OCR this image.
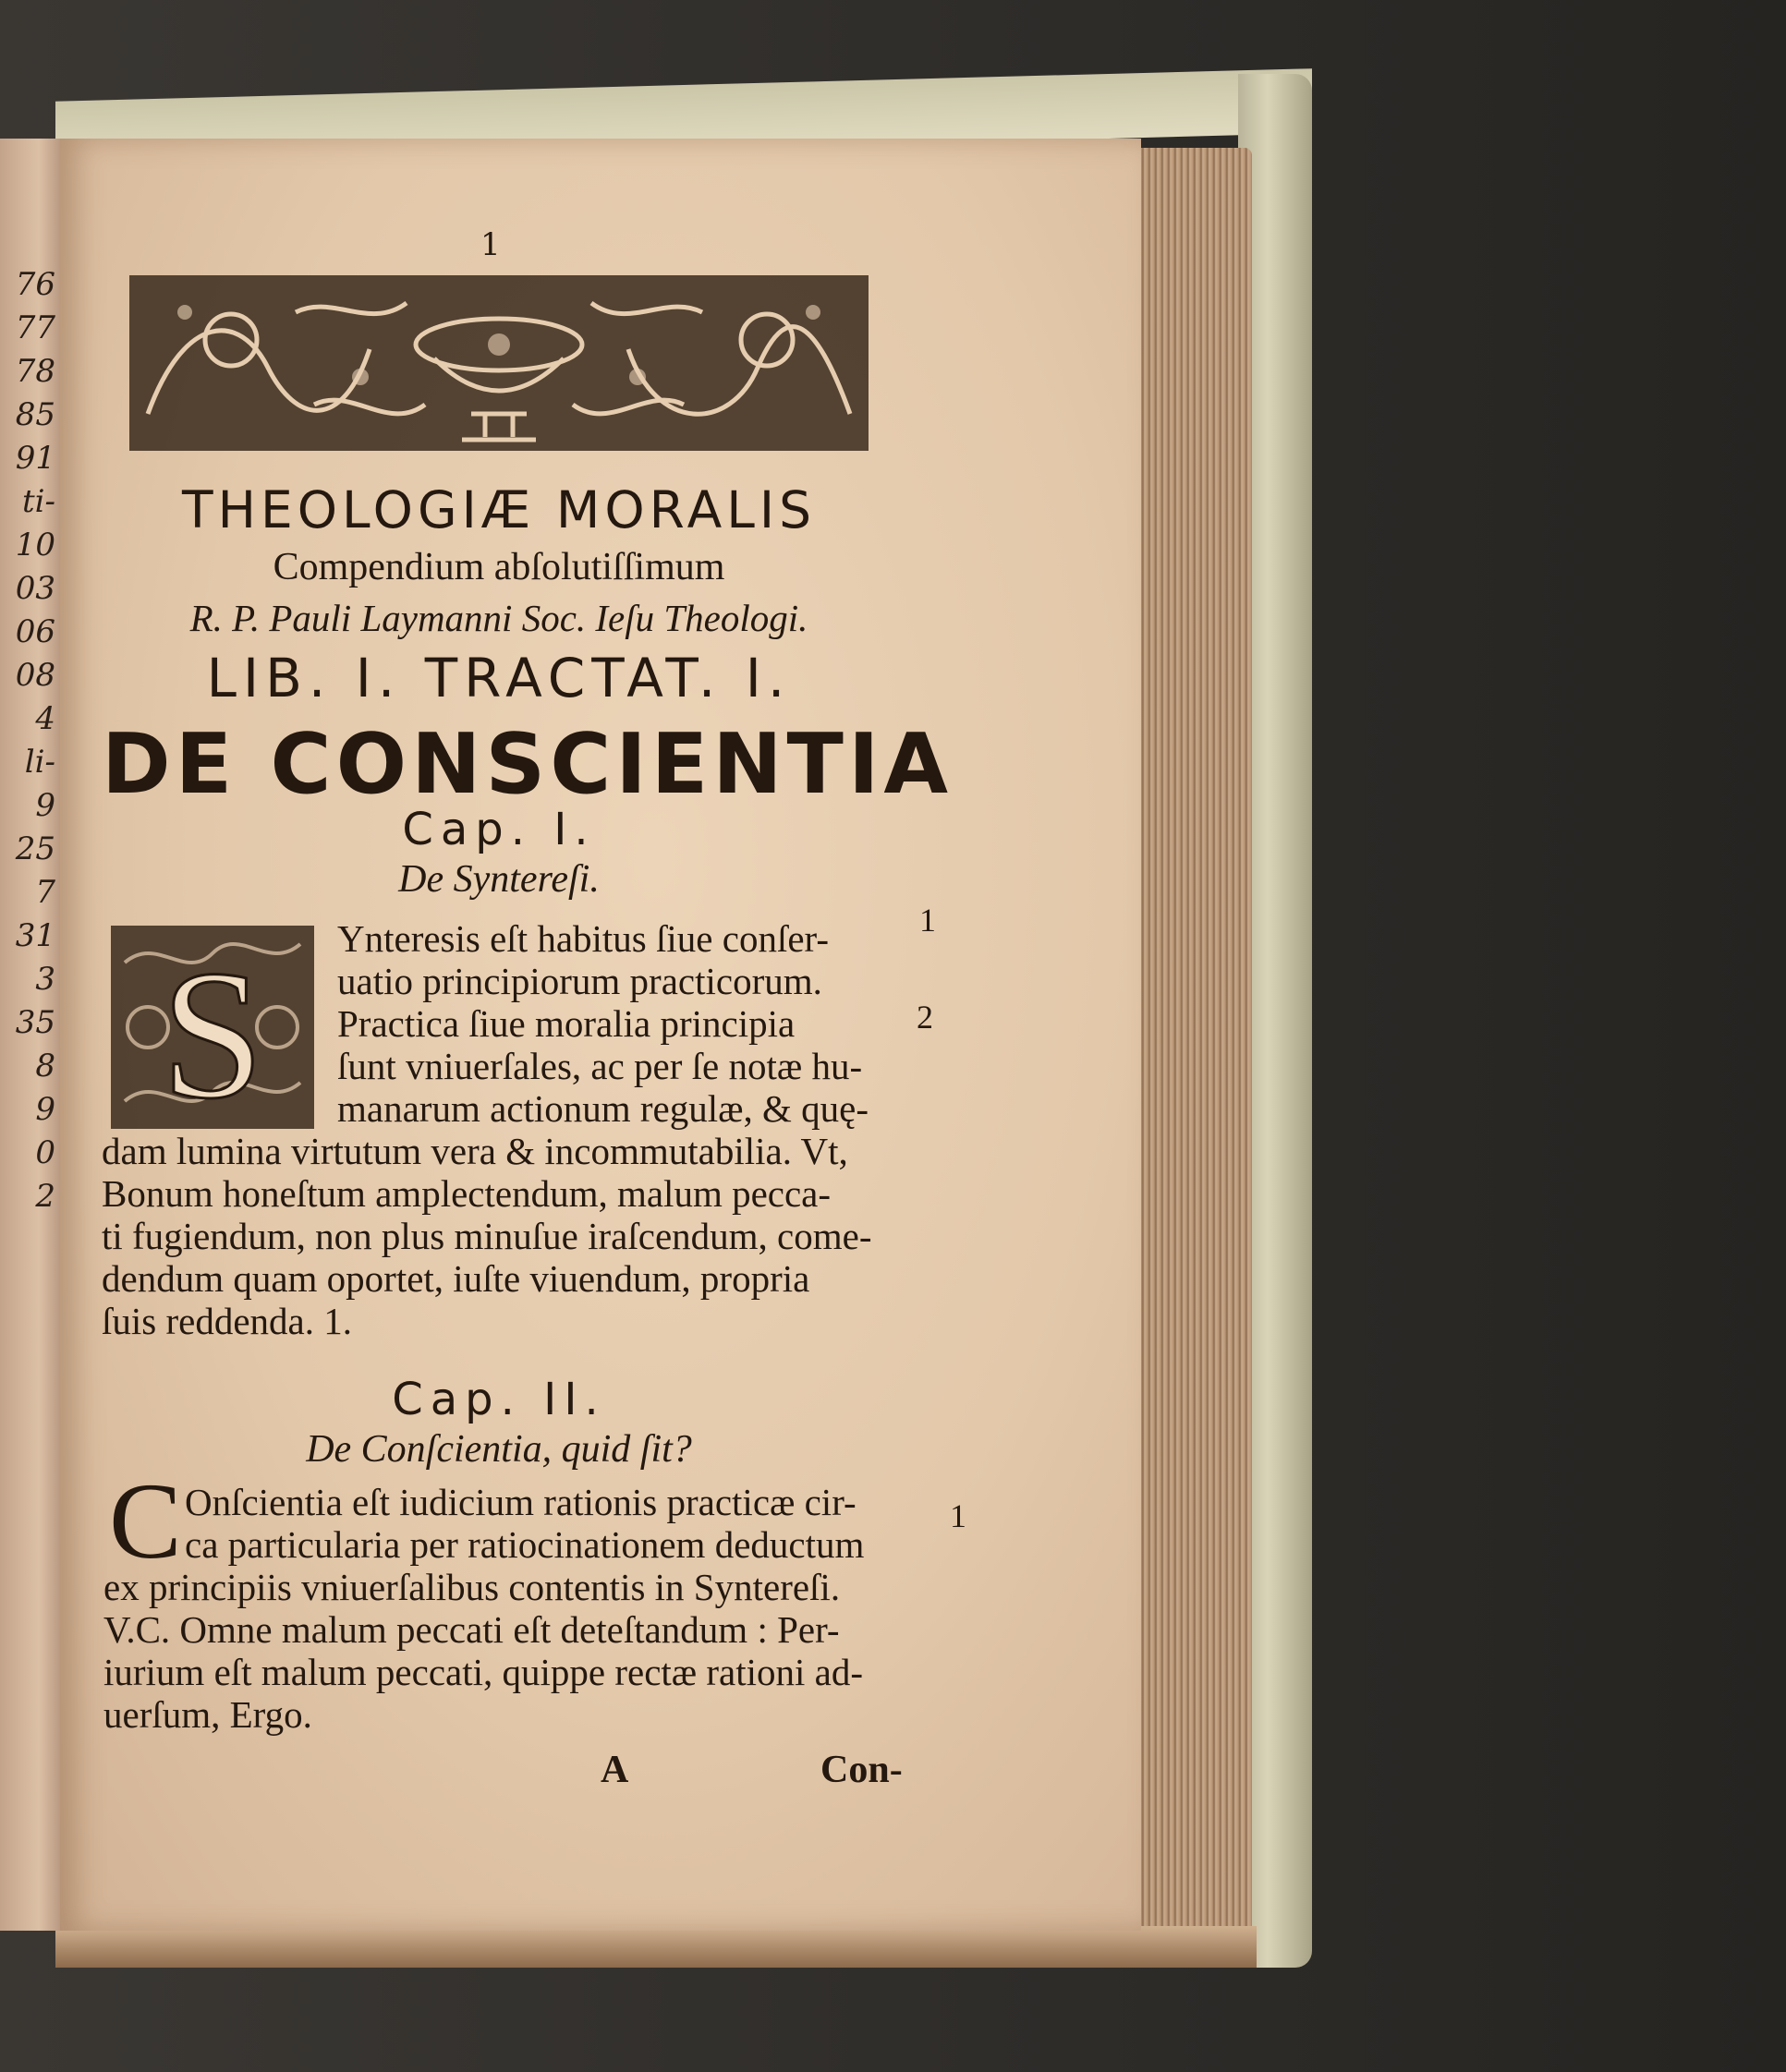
76
77
78
85
91
ti-
10
03
06
08
4
li-
9
25
7
31
3
35
8
9
0
2
1
THEOLOGIÆ MORALIS
Compendium abſolutiſſimum
R. P. Pauli Laymanni Soc. Ieſu Theologi.
LIB. I. TRACTAT. I.
DE CONSCIENTIA
Cap. I.
De Syntereſi.
S Ynteresis eſt habitus ſiue conſer-
uatio principiorum practicorum.
Practica ſiue moralia principia
ſunt vniuerſales, ac per ſe notæ hu-
manarum actionum regulæ, & quę-
dam lumina virtutum vera & incommutabilia. Vt,
Bonum honeſtum amplectendum, malum pecca-
ti fugiendum, non plus minuſue iraſcendum, come-
dendum quam oportet, iuſte viuendum, propria
ſuis reddenda. 1.
Cap. II.
De Conſcientia, quid ſit?
C Onſcientia eſt iudicium rationis practicæ cir-
ca particularia per ratiocinationem deductum
ex principiis vniuerſalibus contentis in Syntereſi.
V.C. Omne malum peccati eſt deteſtandum : Per-
iurium eſt malum peccati, quippe rectæ rationi ad-
uerſum, Ergo.
A	Con-
1
2
1
